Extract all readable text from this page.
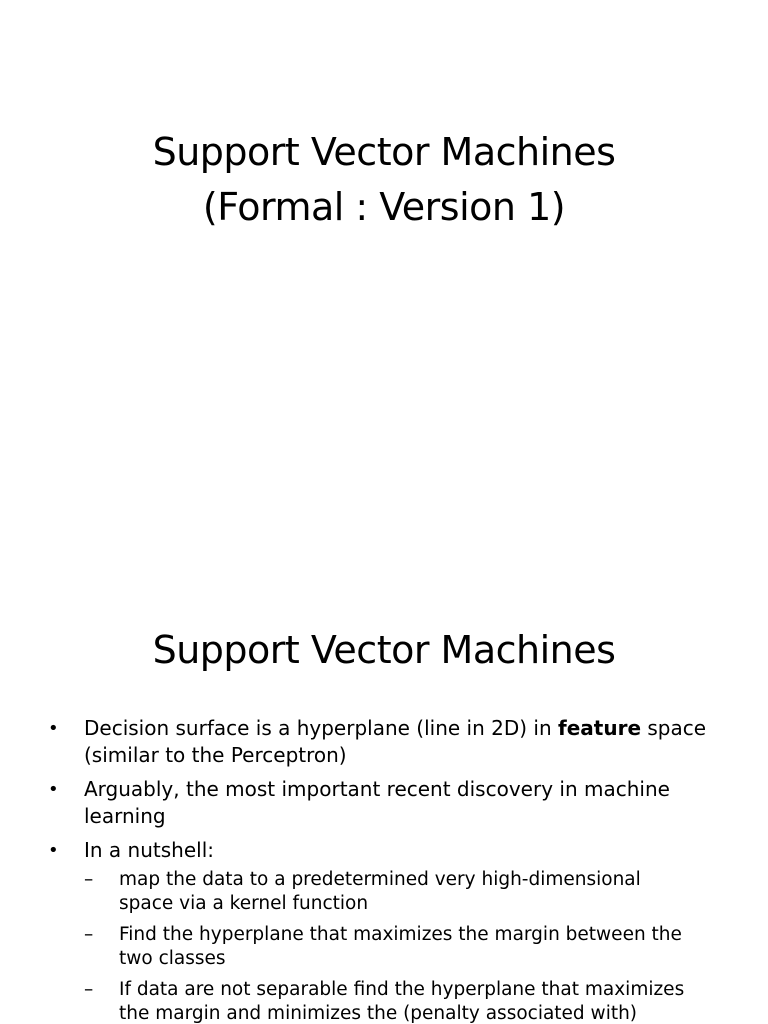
Support Vector Machines
(Formal : Version 1)
Support Vector Machines
• Decision surface is a hyperplane (line in 2D) in feature space (similar to the Perceptron)
• Arguably, the most important recent discovery in machine learning
• In a nutshell:
– map the data to a predetermined very high-dimensional space via a kernel function
– Find the hyperplane that maximizes the margin between the two classes
– If data are not separable find the hyperplane that maximizes the margin and minimizes the (penalty associated with)
